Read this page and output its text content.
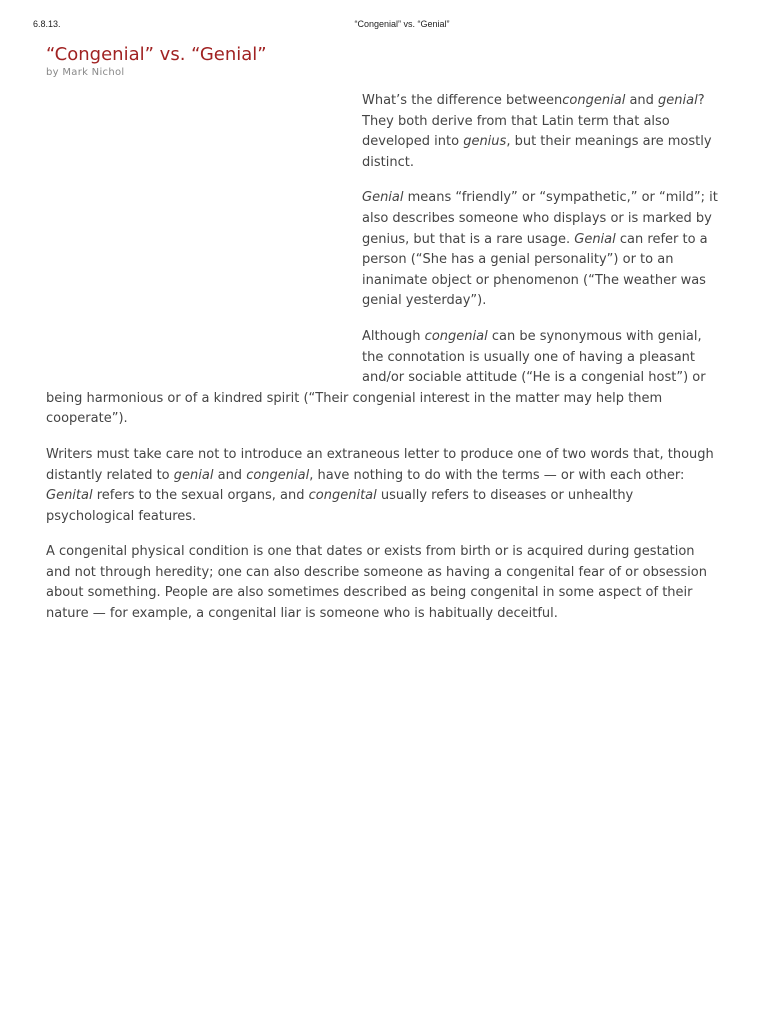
6.8.13.	“Congenial” vs. “Genial”
“Congenial” vs. “Genial”

by Mark Nichol

What’s the difference betweencongenial and genial? They both derive from that Latin term that also developed into genius, but their meanings are mostly distinct.

Genial means “friendly” or “sympathetic,” or “mild”; it also describes someone who displays or is marked by genius, but that is a rare usage. Genial can refer to a person (“She has a genial personality”) or to an inanimate object or phenomenon (“The weather was genial yesterday”).

Although congenial can be synonymous with genial, the connotation is usually one of having a pleasant and/or sociable attitude (“He is a congenial host”) or being harmonious or of a kindred spirit (“Their congenial interest in the matter may help them cooperate”).

Writers must take care not to introduce an extraneous letter to produce one of two words that, though distantly related to genial and congenial, have nothing to do with the terms — or with each other: Genital refers to the sexual organs, and congenital usually refers to diseases or unhealthy psychological features.

A congenital physical condition is one that dates or exists from birth or is acquired during gestation and not through heredity; one can also describe someone as having a congenital fear of or obsession about something. People are also sometimes described as being congenital in some aspect of their nature — for example, a congenital liar is someone who is habitually deceitful.
